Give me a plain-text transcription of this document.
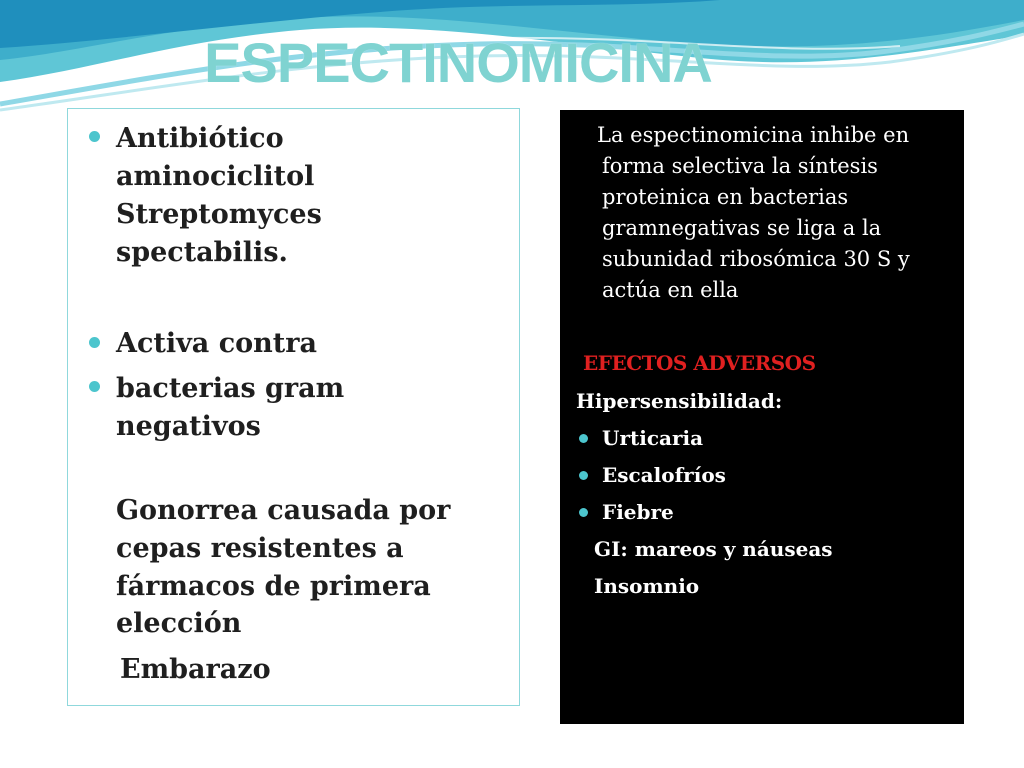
ESPECTINOMICINA

Antibiótico

aminociclitol

Streptomyces

spectabilis.

Activa contra

bacterias gram

negativos

Gonorrea causada por

cepas resistentes a

fármacos de primera

elección

Embarazo

La espectinomicina inhibe en

forma selectiva la síntesis

proteinica en bacterias

gramnegativas se liga a la

subunidad ribosómica 30 S y

actúa en ella

EFECTOS ADVERSOS

Hipersensibilidad:

Urticaria

Escalofríos

Fiebre

GI: mareos y náuseas

Insomnio
